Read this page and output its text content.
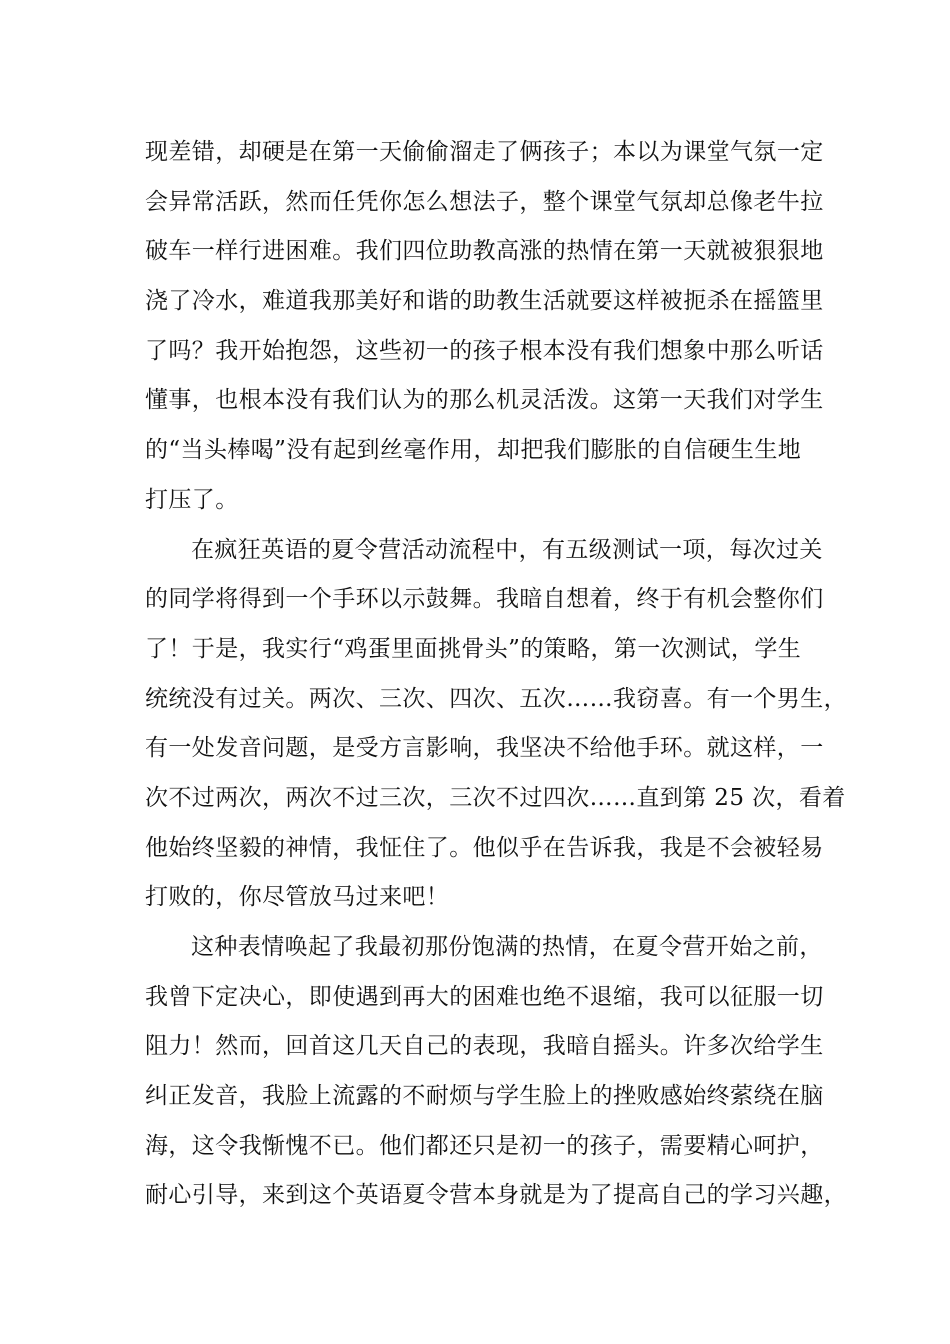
现差错，却硬是在第一天偷偷溜走了俩孩子；本以为课堂气氛一定
会异常活跃，然而任凭你怎么想法子，整个课堂气氛却总像老牛拉
破车一样行进困难。我们四位助教高涨的热情在第一天就被狠狠地
浇了冷水，难道我那美好和谐的助教生活就要这样被扼杀在摇篮里
了吗？我开始抱怨，这些初一的孩子根本没有我们想象中那么听话
懂事，也根本没有我们认为的那么机灵活泼。这第一天我们对学生
的“当头棒喝”没有起到丝毫作用，却把我们膨胀的自信硬生生地
打压了。
在疯狂英语的夏令营活动流程中，有五级测试一项，每次过关
的同学将得到一个手环以示鼓舞。我暗自想着，终于有机会整你们
了！于是，我实行“鸡蛋里面挑骨头”的策略，第一次测试，学生
统统没有过关。两次、三次、四次、五次……我窃喜。有一个男生，
有一处发音问题，是受方言影响，我坚决不给他手环。就这样，一
次不过两次，两次不过三次，三次不过四次……直到第 25 次，看着
他始终坚毅的神情，我怔住了。他似乎在告诉我，我是不会被轻易
打败的，你尽管放马过来吧！
这种表情唤起了我最初那份饱满的热情，在夏令营开始之前，
我曾下定决心，即使遇到再大的困难也绝不退缩，我可以征服一切
阻力！然而，回首这几天自己的表现，我暗自摇头。许多次给学生
纠正发音，我脸上流露的不耐烦与学生脸上的挫败感始终萦绕在脑
海，这令我惭愧不已。他们都还只是初一的孩子，需要精心呵护，
耐心引导，来到这个英语夏令营本身就是为了提高自己的学习兴趣，
